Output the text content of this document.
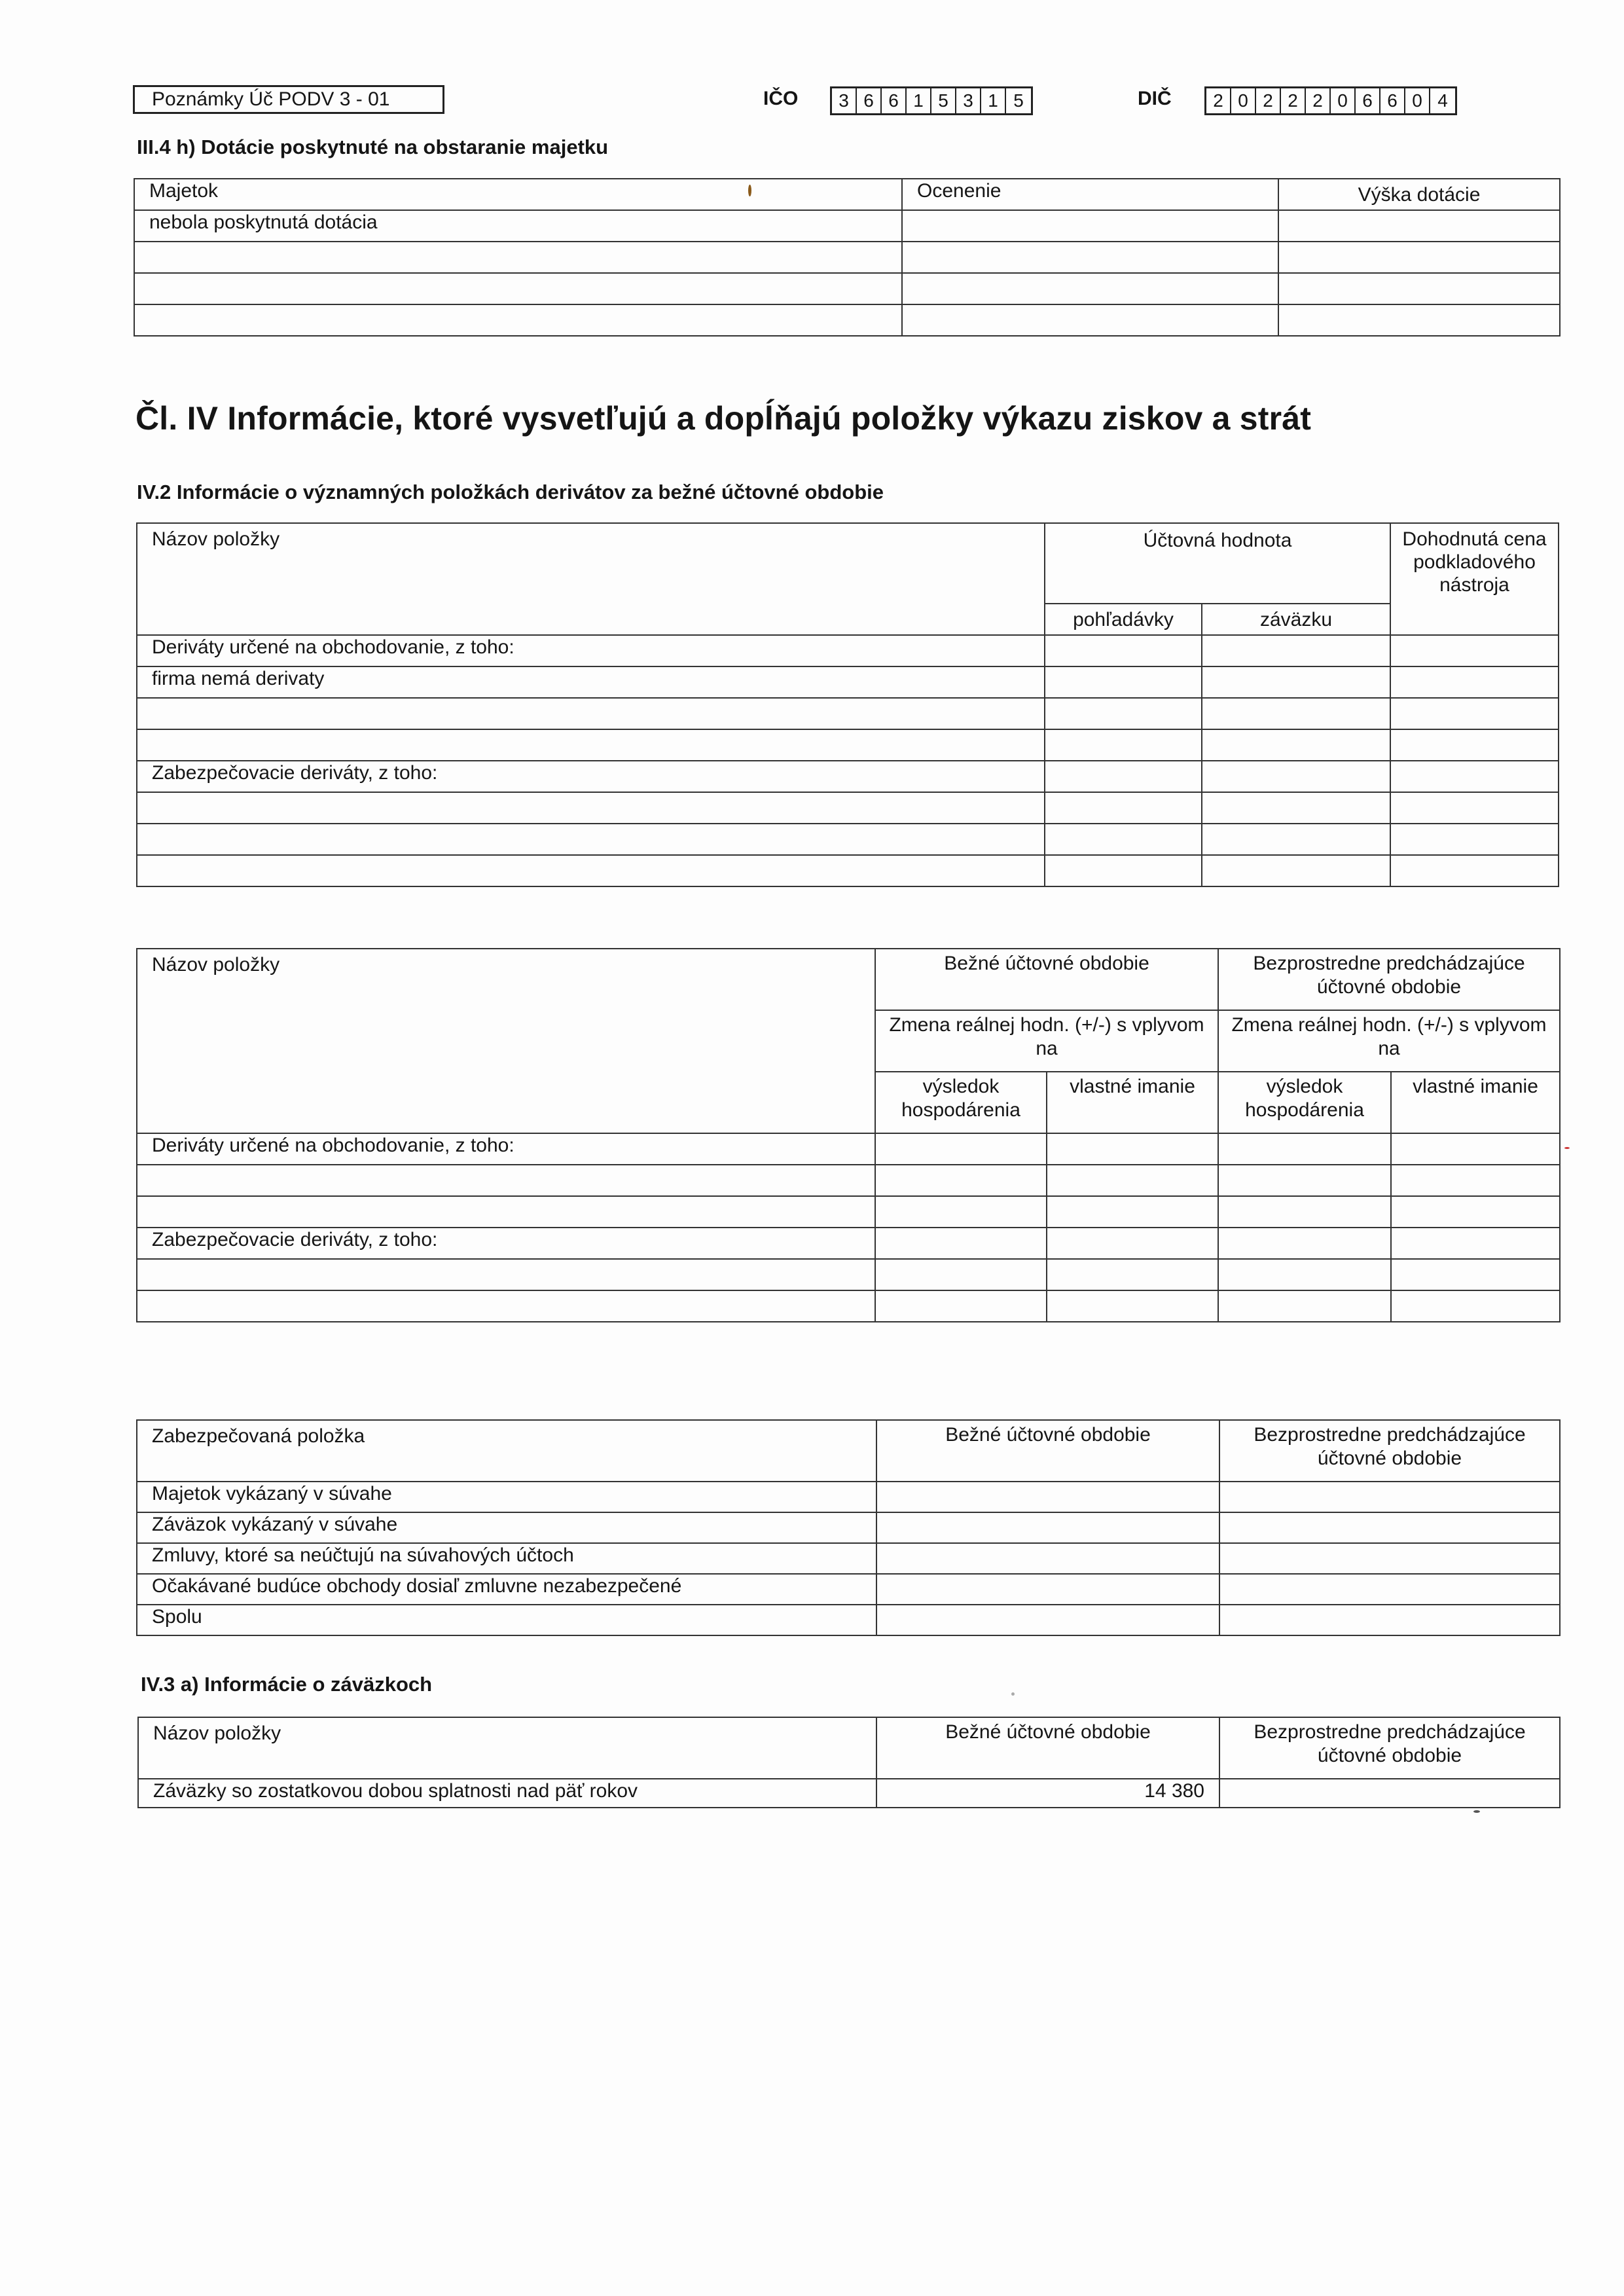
Poznámky Úč PODV 3 - 01	IČO	3 6 6 1 5 3 1 5	DIČ	2 0 2 2 2 0 6 6 0 4
III.4 h) Dotácie poskytnuté na obstaranie majetku
Majetok	Ocenenie	Výška dotácie
nebola poskytnutá dotácia		

Čl. IV Informácie, ktoré vysvetľujú a dopĺňajú položky výkazu ziskov a strát
IV.2 Informácie o významných položkách derivátov za bežné účtovné obdobie
Názov položky	Účtovná hodnota		Dohodnutá cena podkladového nástroja
	pohľadávky	záväzku	
Deriváty určené na obchodovanie, z toho:			
firma nemá derivaty			

Zabezpečovacie deriváty, z toho:			

Názov položky	Bežné účtovné obdobie		Bezprostredne predchádzajúce účtovné obdobie	
	Zmena reálnej hodn. (+/-) s vplyvom na		Zmena reálnej hodn. (+/-) s vplyvom na	
	výsledok hospodárenia	vlastné imanie	výsledok hospodárenia	vlastné imanie
Deriváty určené na obchodovanie, z toho:				

Zabezpečovacie deriváty, z toho:				

Zabezpečovaná položka	Bežné účtovné obdobie	Bezprostredne predchádzajúce účtovné obdobie
Majetok vykázaný v súvahe		
Záväzok vykázaný v súvahe		
Zmluvy, ktoré sa neúčtujú na súvahových účtoch		
Očakávané budúce obchody dosiaľ zmluvne nezabezpečené		
Spolu		
IV.3 a) Informácie o záväzkoch
Názov položky	Bežné účtovné obdobie	Bezprostredne predchádzajúce účtovné obdobie
Záväzky so zostatkovou dobou splatnosti nad päť rokov	14 380	
